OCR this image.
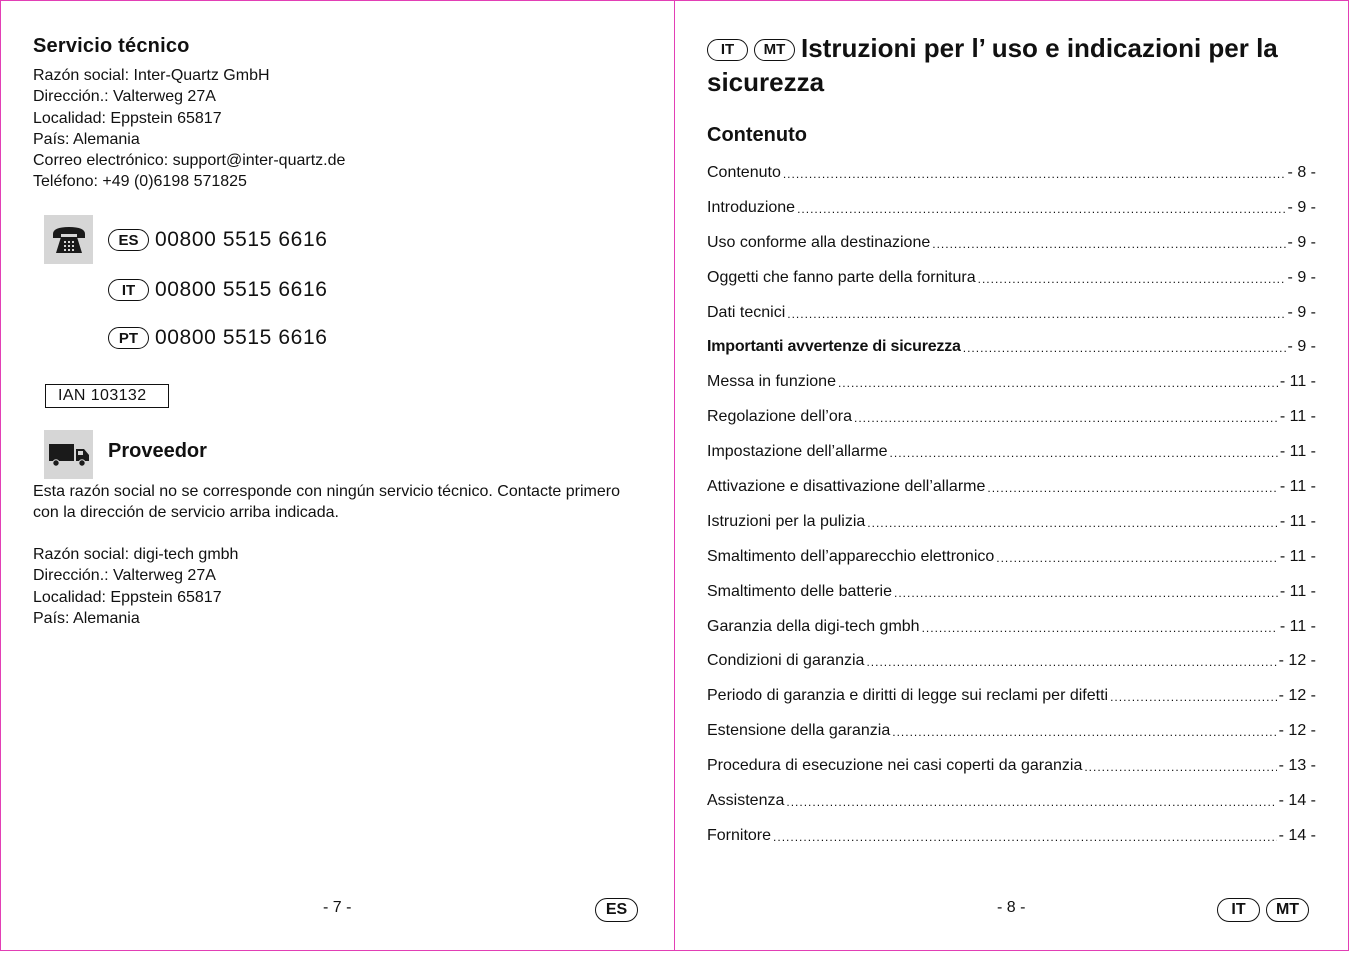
Servicio técnico
Razón social: Inter-Quartz GmbH
Dirección.: Valterweg 27A
Localidad: Eppstein 65817
País: Alemania
Correo electrónico: support@inter-quartz.de
Teléfono: +49 (0)6198 571825
ES 00800 5515 6616
IT 00800 5515 6616
PT 00800 5515 6616
IAN 103132
Proveedor
Esta razón social no se corresponde con ningún servicio técnico. Contacte primero con la dirección de servicio arriba indicada.
Razón social: digi-tech gmbh
Dirección.: Valterweg 27A
Localidad: Eppstein 65817
País: Alemania
- 7 -	ES
IT MT Istruzioni per l’ uso e indicazioni per la sicurezza
Contenuto
Contenuto .....	- 8 -
Introduzione .....	- 9 -
Uso conforme alla destinazione .....	- 9 -
Oggetti che fanno parte della fornitura .....	- 9 -
Dati tecnici .....	- 9 -
Importanti avvertenze di sicurezza .....	- 9 -
Messa in funzione .....	- 11 -
Regolazione dell’ora .....	- 11 -
Impostazione dell’allarme .....	- 11 -
Attivazione e disattivazione dell’allarme .....	- 11 -
Istruzioni per la pulizia .....	- 11 -
Smaltimento dell’apparecchio elettronico .....	- 11 -
Smaltimento delle batterie .....	- 11 -
Garanzia della digi-tech gmbh .....	- 11 -
Condizioni di garanzia .....	- 12 -
Periodo di garanzia e diritti di legge sui reclami per difetti .....	- 12 -
Estensione della garanzia .....	- 12 -
Procedura di esecuzione nei casi coperti da garanzia .....	- 13 -
Assistenza .....	- 14 -
Fornitore .....	- 14 -
- 8 -	IT	MT
